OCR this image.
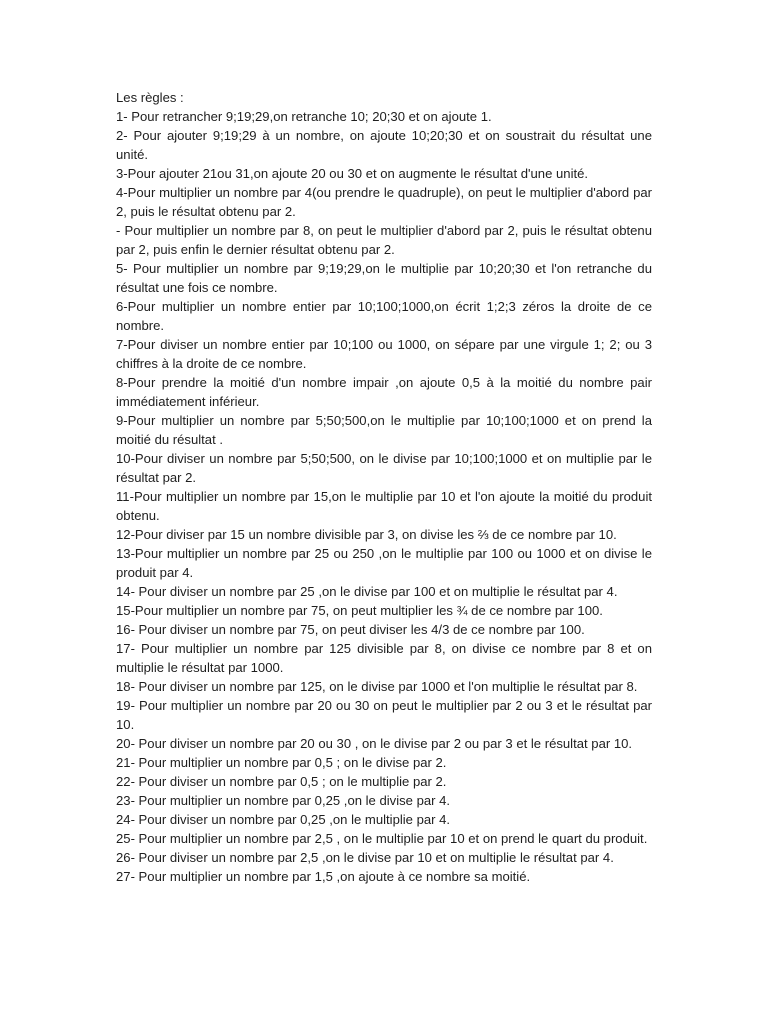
Les règles :

1- Pour retrancher 9;19;29,on retranche 10; 20;30 et on ajoute 1.

2- Pour ajouter 9;19;29 à un nombre, on ajoute 10;20;30 et on soustrait du résultat une unité.

3-Pour ajouter 21ou 31,on ajoute 20 ou 30 et on augmente le résultat d'une unité.

4-Pour multiplier un nombre par 4(ou prendre le quadruple), on peut le multiplier d'abord par 2, puis le résultat obtenu par 2.

- Pour multiplier un nombre par 8, on peut le multiplier d'abord par 2, puis le résultat obtenu par 2, puis enfin le dernier résultat obtenu par 2.

5- Pour multiplier un nombre par 9;19;29,on le multiplie par 10;20;30 et l'on retranche du résultat une fois ce nombre.

6-Pour multiplier un nombre entier par 10;100;1000,on écrit 1;2;3 zéros la droite de ce nombre.

7-Pour diviser un nombre entier par 10;100 ou 1000, on sépare par une virgule 1; 2; ou 3 chiffres à la droite de ce nombre.

8-Pour prendre la moitié d'un nombre impair ,on ajoute 0,5 à la moitié du nombre pair immédiatement inférieur.

9-Pour multiplier un nombre par 5;50;500,on le multiplie par 10;100;1000 et on prend la moitié du résultat .

10-Pour diviser un nombre par 5;50;500, on le divise par 10;100;1000 et on multiplie par le résultat par 2.

11-Pour multiplier un nombre par 15,on le multiplie par 10 et l'on ajoute la moitié du produit obtenu.

12-Pour diviser par 15 un nombre divisible par 3, on divise les ⅔ de ce nombre par 10.

13-Pour multiplier un nombre par 25 ou 250 ,on le multiplie par 100 ou 1000 et on divise le produit par 4.

14- Pour diviser un nombre par 25 ,on le divise par 100 et on multiplie le résultat par 4.

15-Pour multiplier un nombre par 75, on peut multiplier les ¾ de ce nombre par 100.

16- Pour diviser un nombre par 75, on peut diviser les 4/3 de ce nombre par 100.

17- Pour multiplier un nombre par 125 divisible par 8, on divise ce nombre par 8 et on multiplie le résultat par 1000.

18- Pour diviser un nombre par 125, on le divise par 1000 et l'on multiplie le résultat par 8.

19- Pour multiplier un nombre par 20 ou 30 on peut le multiplier par 2 ou 3 et le résultat par 10.

20- Pour diviser un nombre par 20 ou 30 , on le divise par 2 ou par 3 et le résultat par 10.

21- Pour multiplier un nombre par 0,5 ; on le divise par 2.

22- Pour diviser un nombre par 0,5 ; on le multiplie par 2.

23- Pour multiplier un nombre par 0,25 ,on le divise par 4.

24- Pour diviser un nombre par 0,25 ,on le multiplie par 4.

25- Pour multiplier un nombre par 2,5 , on le multiplie par 10 et on prend le quart du produit.

26- Pour diviser un nombre par 2,5 ,on le divise par 10 et on multiplie le résultat par 4.

27- Pour multiplier un nombre par 1,5 ,on ajoute à ce nombre sa moitié.
